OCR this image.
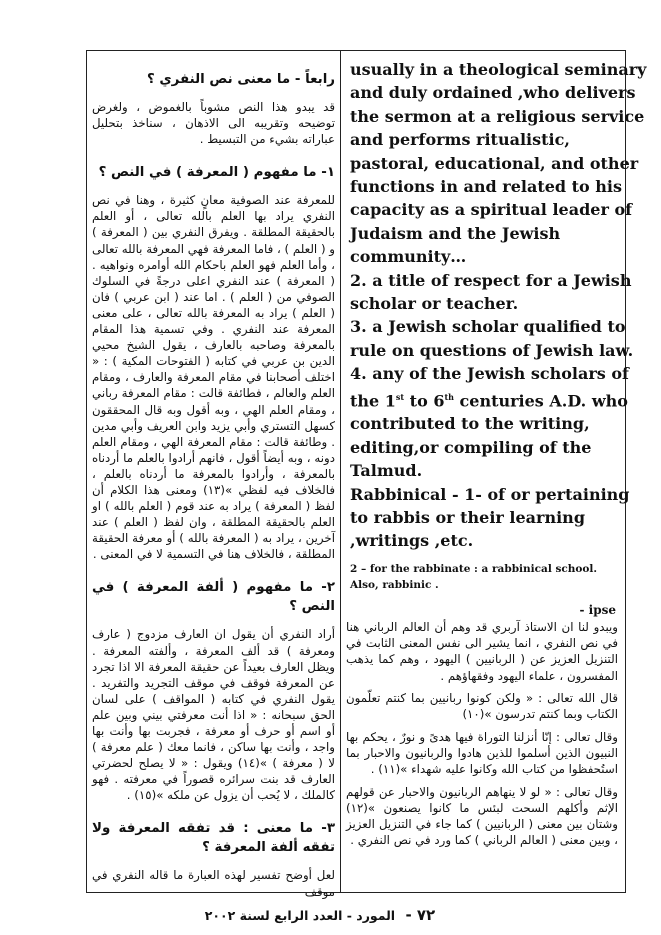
رابعاً - ما معنى نص النفري ؟

قد يبدو هذا النص مشوباً بالغموض ، ولغرض توضيحه وتقريبه الى الاذهان ، سناخذ بتحليل عباراته بشيء من التبسيط .

١- ما مفهوم ( المعرفة ) في النص ؟

للمعرفة عند الصوفية معانٍ كثيرة ، وهنا في نص النفري يراد بها العلم بالله تعالى ، أو العلم بالحقيقة المطلقة . ويفرق النفري بين ( المعرفة ) و ( العلم ) ، فاما المعرفة فهي المعرفة بالله تعالى ، وأما العلم فهو العلم باحكام الله أوامره ونواهيه . ( المعرفة ) عند النفري اعلى درجةً في السلوك الصوفي من ( العلم ) . اما عند ( ابن عربي ) فان ( العلم ) يراد به المعرفة بالله تعالى ، على معنى المعرفة عند النفري . وفي تسمية هذا المقام بالمعرفة وصاحبه بالعارف ، يقول الشيخ محيي الدين بن عربي في كتابه ( الفتوحات المكية ) : « اختلف أصحابنا في مقام المعرفة والعارف ، ومقام العلم والعالم ، فطائفة قالت : مقام المعرفة رباني ، ومقام العلم الهي ، وبه أقول وبه قال المحققون كسهل التستري وأبي يزيد وابن العريف وأبي مدين . وطائفة قالت : مقام المعرفة الهي ، ومقام العلم دونه ، وبه أيضاً أقول ، فانهم أرادوا بالعلم ما أردناه بالمعرفة ، وأرادوا بالمعرفة ما أردناه بالعلم ، فالخلاف فيه لفظي »(١٣) ومعنى هذا الكلام أن لفظ ( المعرفة ) يراد به عند قوم ( العلم بالله ) او العلم بالحقيقة المطلقة ، وان لفظ ( العلم ) عند آخرين ، يراد به ( المعرفة بالله ) أو معرفة الحقيقة المطلقة ، فالخلاف هنا في التسمية لا في المعنى .

٢- ما مفهوم ( ألفة المعرفة ) في النص ؟

أراد النفري أن يقول ان العارف مزدوج ( عارف ومعرفة ) قد ألف المعرفة ، وألفته المعرفة . ويظل العارف بعيداً عن حقيقة المعرفة الا اذا تجرد عن المعرفة فوقف في موقف التجريد والتفريد . يقول النفري في كتابه ( المواقف ) على لسان الحق سبحانه : « اذا أنت معرفتي بيني وبين علم أو اسم أو حرف أو معرفة ، فجربت بها وأنت بها واجد ، وأنت بها ساكن ، فانما معك ( علم معرفة ) لا ( معرفة ) »(١٤) ويقول : « لا يصلح لحضرتي العارف قد بنت سرائره قصوراً في معرفته . فهو كالملك ، لا يُحب أن يزول عن ملكه »(١٥) .

٣- ما معنى : قد تفقه المعرفة ولا تفقه ألفة المعرفة ؟

لعل أوضح تفسير لهذه العبارة ما قاله النفري في موقف

usually in a theological seminary
and duly ordained ,who delivers
the sermon at a religious service
and performs ritualistic,
pastoral, educational, and other
functions in and related to his
capacity as a spiritual leader of
Judaism and the Jewish
community…
2. a title of respect for a Jewish
scholar or teacher.
3. a Jewish scholar qualified to
rule on questions of Jewish law.
4. any of the Jewish scholars of
the 1st to 6th centuries A.D. who
contributed to the writing,
editing,or compiling of the
Talmud.
Rabbinical - 1- of or pertaining
to rabbis or their learning
,writings ,etc.
2 – for the rabbinate : a rabbinical school.
Also, rabbinic .
- ipse

ويبدو لنا ان الاستاذ آربري قد وهم أن العالم الرباني هنا في نص النفري ، انما يشير الى نفس المعنى الثابت في التنزيل العزيز عن ( الربانيين ) اليهود ، وهم كما يذهب المفسرون ، علماء اليهود وفقهاؤهم .

قال الله تعالى : « ولكن كونوا ربانيين بما كنتم تعلّمون الكتاب وبما كنتم تدرسون »(١٠)

وقال تعالى : إنّا أنزلنا التوراة فيها هدىً و نورٌ ، يحكم بها النبيون الذين أسلموا للذين هادوا والربانيون والاحبار بما استُحفظوا من كتاب الله وكانوا عليه شهداء »(١١) .

وقال تعالى : « لو لا ينهاهم الربانيون والاحبار عن قولهم الإثم وأكلهم السحت لبئس ما كانوا يصنعون »(١٢) وشتان بين معنى ( الربانيين ) كما جاء في التنزيل العزيز ، وبين معنى ( العالم الرباني ) كما ورد في نص النفري .

٧٢ - المورد - العدد الرابع لسنة ٢٠٠٢
